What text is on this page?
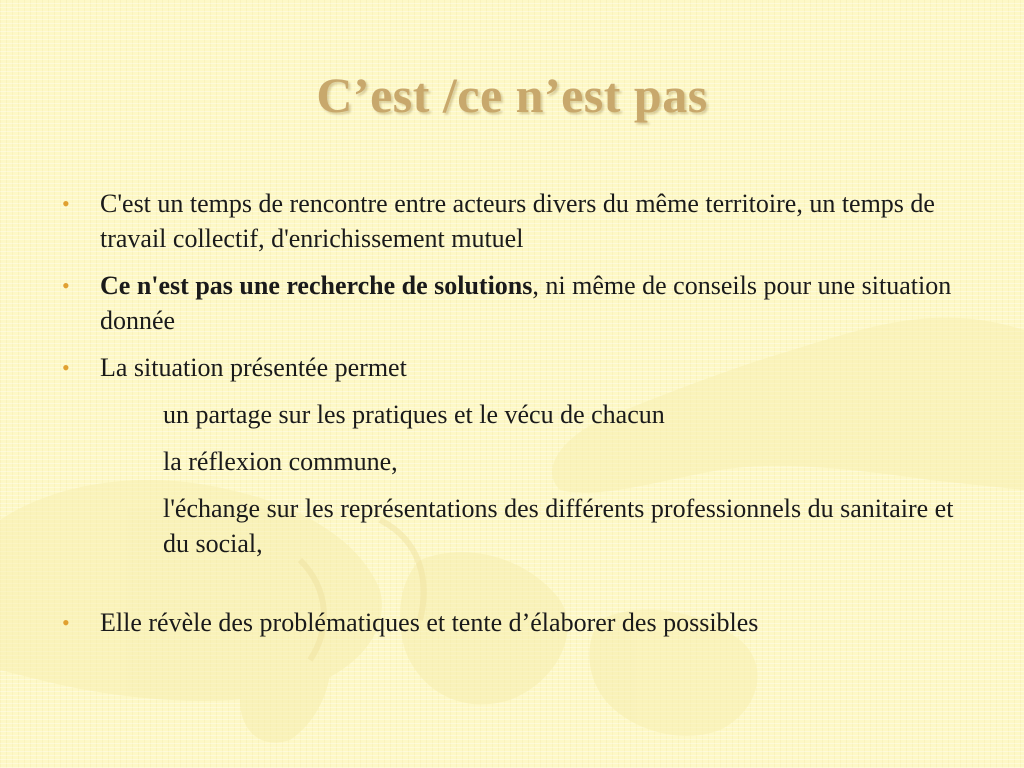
C’est /ce n’est pas
• C'est un temps de rencontre entre acteurs divers du même territoire, un temps de travail collectif, d'enrichissement mutuel
• Ce n'est pas une recherche de solutions, ni même de conseils pour une situation donnée
• La situation présentée permet
un partage sur les pratiques et le vécu de chacun
la réflexion commune,
l'échange sur les représentations des différents professionnels du sanitaire et du social,
• Elle révèle des problématiques et tente d’élaborer des possibles
